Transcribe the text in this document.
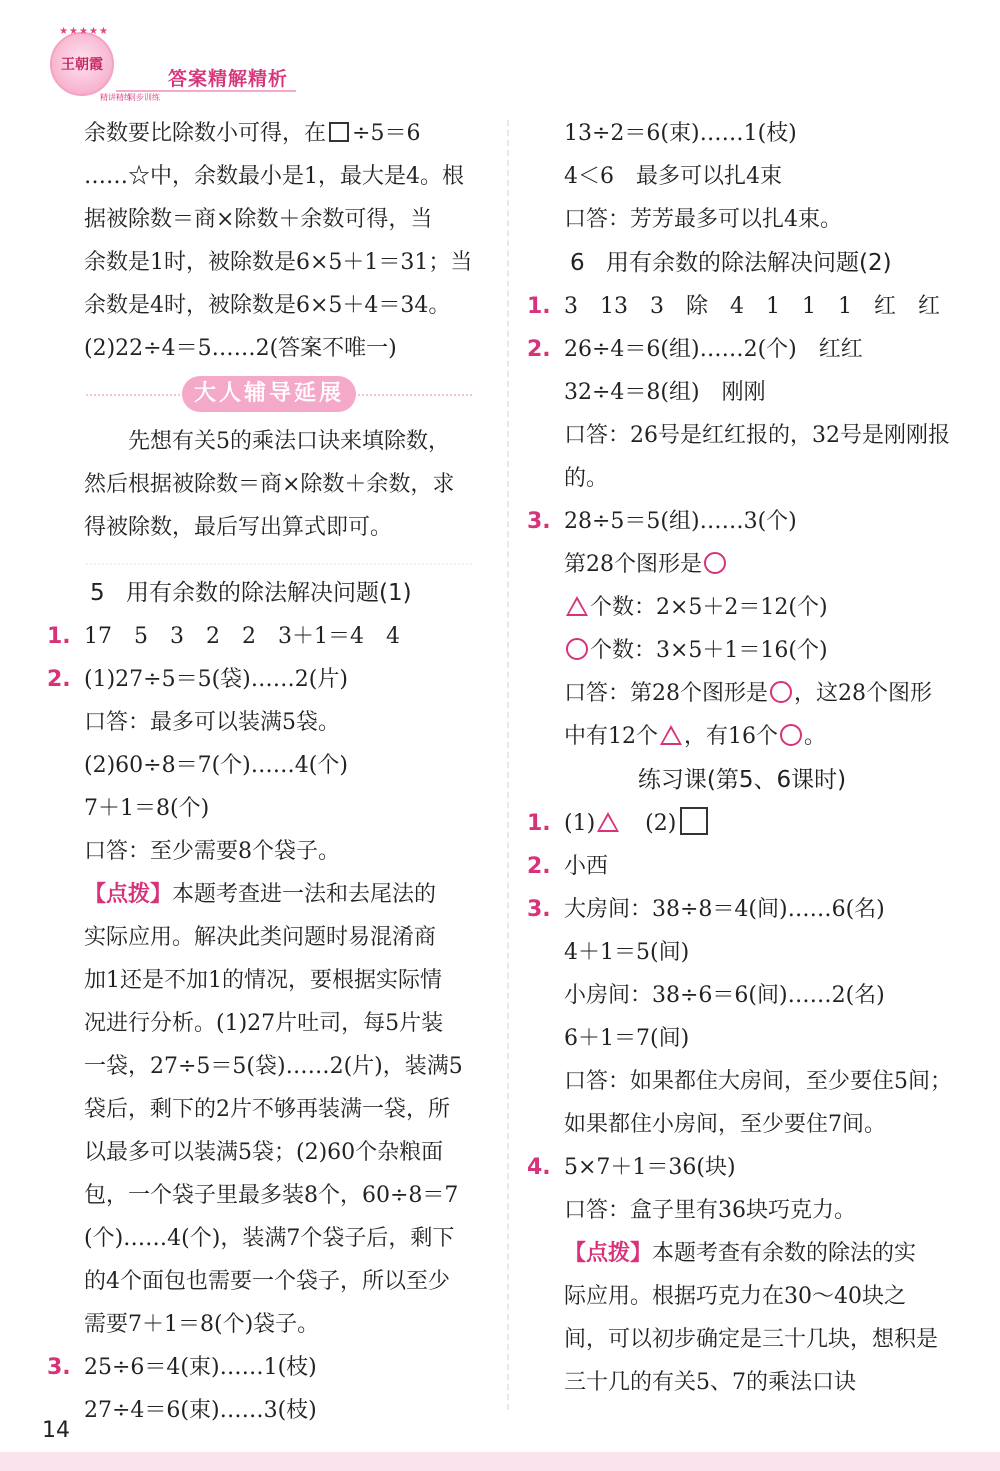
★★★★★
王朝霞
答案精解精析
精讲精练
同步训练
余数要比除数小可得，在 ÷5＝6
……☆中，余数最小是1，最大是4。根
据被除数＝商×除数＋余数可得，当
余数是1时，被除数是6×5＋1＝31；当
余数是4时，被除数是6×5＋4＝34。
(2)22÷4＝5……2(答案不唯一)
大人辅导延展
先想有关5的乘法口诀来填除数，
然后根据被除数＝商×除数＋余数，求
得被除数，最后写出算式即可。
5 用有余数的除法解决问题(1)
1. 17　5　3　2　2　3＋1＝4　4
2. (1)27÷5＝5(袋)……2(片)
口答：最多可以装满5袋。
(2)60÷8＝7(个)……4(个)
7＋1＝8(个)
口答：至少需要8个袋子。
【点拨】本题考查进一法和去尾法的
实际应用。解决此类问题时易混淆商
加1还是不加1的情况，要根据实际情
况进行分析。(1)27片吐司，每5片装
一袋，27÷5＝5(袋)……2(片)，装满5
袋后，剩下的2片不够再装满一袋，所
以最多可以装满5袋；(2)60个杂粮面
包，一个袋子里最多装8个，60÷8＝7
(个)……4(个)，装满7个袋子后，剩下
的4个面包也需要一个袋子，所以至少
需要7＋1＝8(个)袋子。
3. 25÷6＝4(束)……1(枝)
27÷4＝6(束)……3(枝)
13÷2＝6(束)……1(枝)
4＜6　最多可以扎4束
口答：芳芳最多可以扎4束。
6 用有余数的除法解决问题(2)
1. 3　13　3　除　4　1　1　1　红　红
2. 26÷4＝6(组)……2(个)　红红
32÷4＝8(组)　刚刚
口答：26号是红红报的，32号是刚刚报
的。
3. 28÷5＝5(组)……3(个)
第28个图形是
个数：2×5＋2＝12(个)
个数：3×5＋1＝16(个)
口答：第28个图形是 ，这28个图形
中有12个 ，有16个 。
练习课(第5、6课时)
1. (1) (2)
2. 小西
3. 大房间：38÷8＝4(间)……6(名)
4＋1＝5(间)
小房间：38÷6＝6(间)……2(名)
6＋1＝7(间)
口答：如果都住大房间，至少要住5间；
如果都住小房间，至少要住7间。
4. 5×7＋1＝36(块)
口答：盒子里有36块巧克力。
【点拨】本题考查有余数的除法的实
际应用。根据巧克力在30～40块之
间，可以初步确定是三十几块，想积是
三十几的有关5、7的乘法口诀
14
